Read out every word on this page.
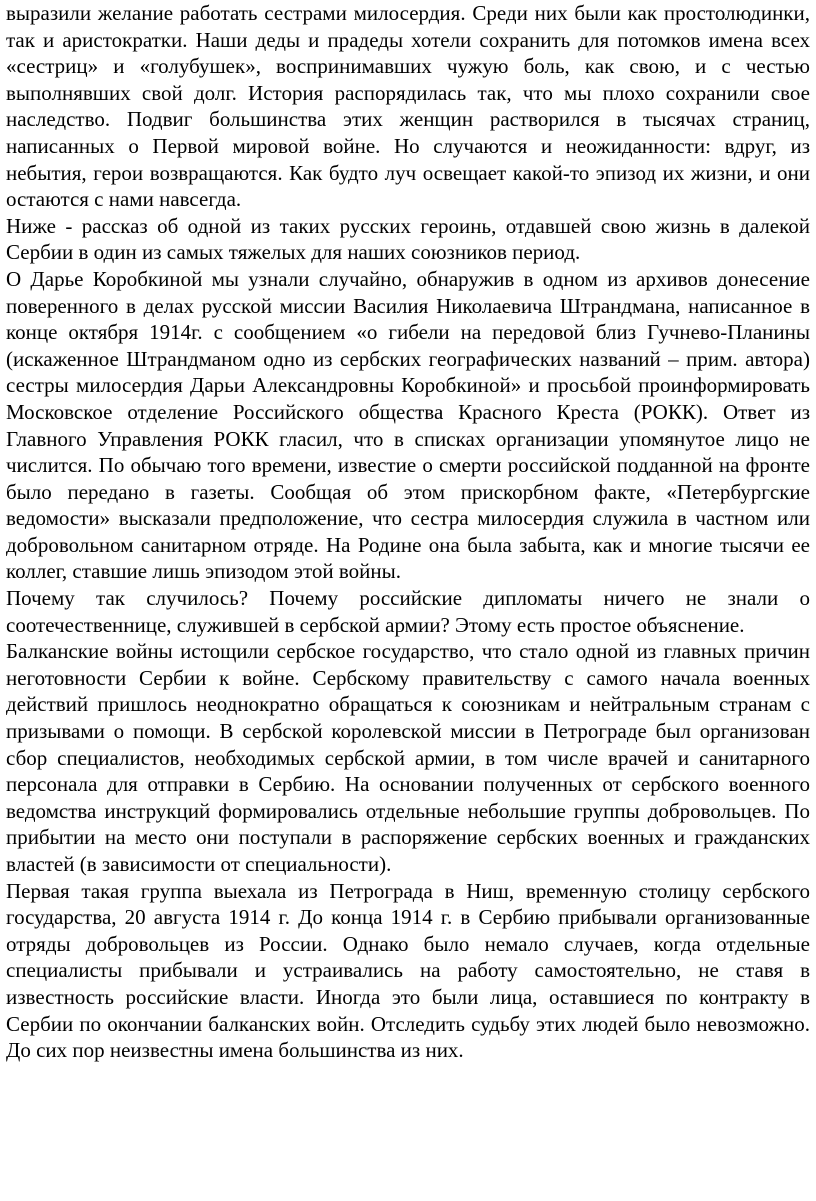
выразили желание работать сестрами милосердия. Среди них были как простолюдинки, так и аристократки. Наши деды и прадеды хотели сохранить для потомков имена всех «сестриц» и «голубушек», воспринимавших чужую боль, как свою, и с честью выполнявших свой долг. История распорядилась так, что мы плохо сохранили свое наследство. Подвиг большинства этих женщин растворился в тысячах страниц, написанных о Первой мировой войне. Но случаются и неожиданности: вдруг, из небытия, герои возвращаются. Как будто луч освещает какой-то эпизод их жизни, и они остаются с нами навсегда.

Ниже - рассказ об одной из таких русских героинь, отдавшей свою жизнь в далекой Сербии в один из самых тяжелых для наших союзников период.

О Дарье Коробкиной мы узнали случайно, обнаружив в одном из архивов донесение поверенного в делах русской миссии Василия Николаевича Штрандмана, написанное в конце октября 1914г. с сообщением «о гибели на передовой близ Гучнево-Планины (искаженное Штрандманом одно из сербских географических названий – прим. автора) сестры милосердия Дарьи Александровны Коробкиной» и просьбой проинформировать Московское отделение Российского общества Красного Креста (РОКК). Ответ из Главного Управления РОКК гласил, что в списках организации упомянутое лицо не числится. По обычаю того времени, известие о смерти российской подданной на фронте было передано в газеты. Сообщая об этом прискорбном факте, «Петербургские ведомости» высказали предположение, что сестра милосердия служила в частном или добровольном санитарном отряде. На Родине она была забыта, как и многие тысячи ее коллег, ставшие лишь эпизодом этой войны.

Почему так случилось? Почему российские дипломаты ничего не знали о соотечественнице, служившей в сербской армии? Этому есть простое объяснение.

Балканские войны истощили сербское государство, что стало одной из главных причин неготовности Сербии к войне. Сербскому правительству с самого начала военных действий пришлось неоднократно обращаться к союзникам и нейтральным странам с призывами о помощи. В сербской королевской миссии в Петрограде был организован сбор специалистов, необходимых сербской армии, в том числе врачей и санитарного персонала для отправки в Сербию. На основании полученных от сербского военного ведомства инструкций формировались отдельные небольшие группы добровольцев. По прибытии на место они поступали в распоряжение сербских военных и гражданских властей (в зависимости от специальности).

Первая такая группа выехала из Петрограда в Ниш, временную столицу сербского государства, 20 августа 1914 г. До конца 1914 г. в Сербию прибывали организованные отряды добровольцев из России. Однако было немало случаев, когда отдельные специалисты прибывали и устраивались на работу самостоятельно, не ставя в известность российские власти. Иногда это были лица, оставшиеся по контракту в Сербии по окончании балканских войн. Отследить судьбу этих людей было невозможно. До сих пор неизвестны имена большинства из них.
